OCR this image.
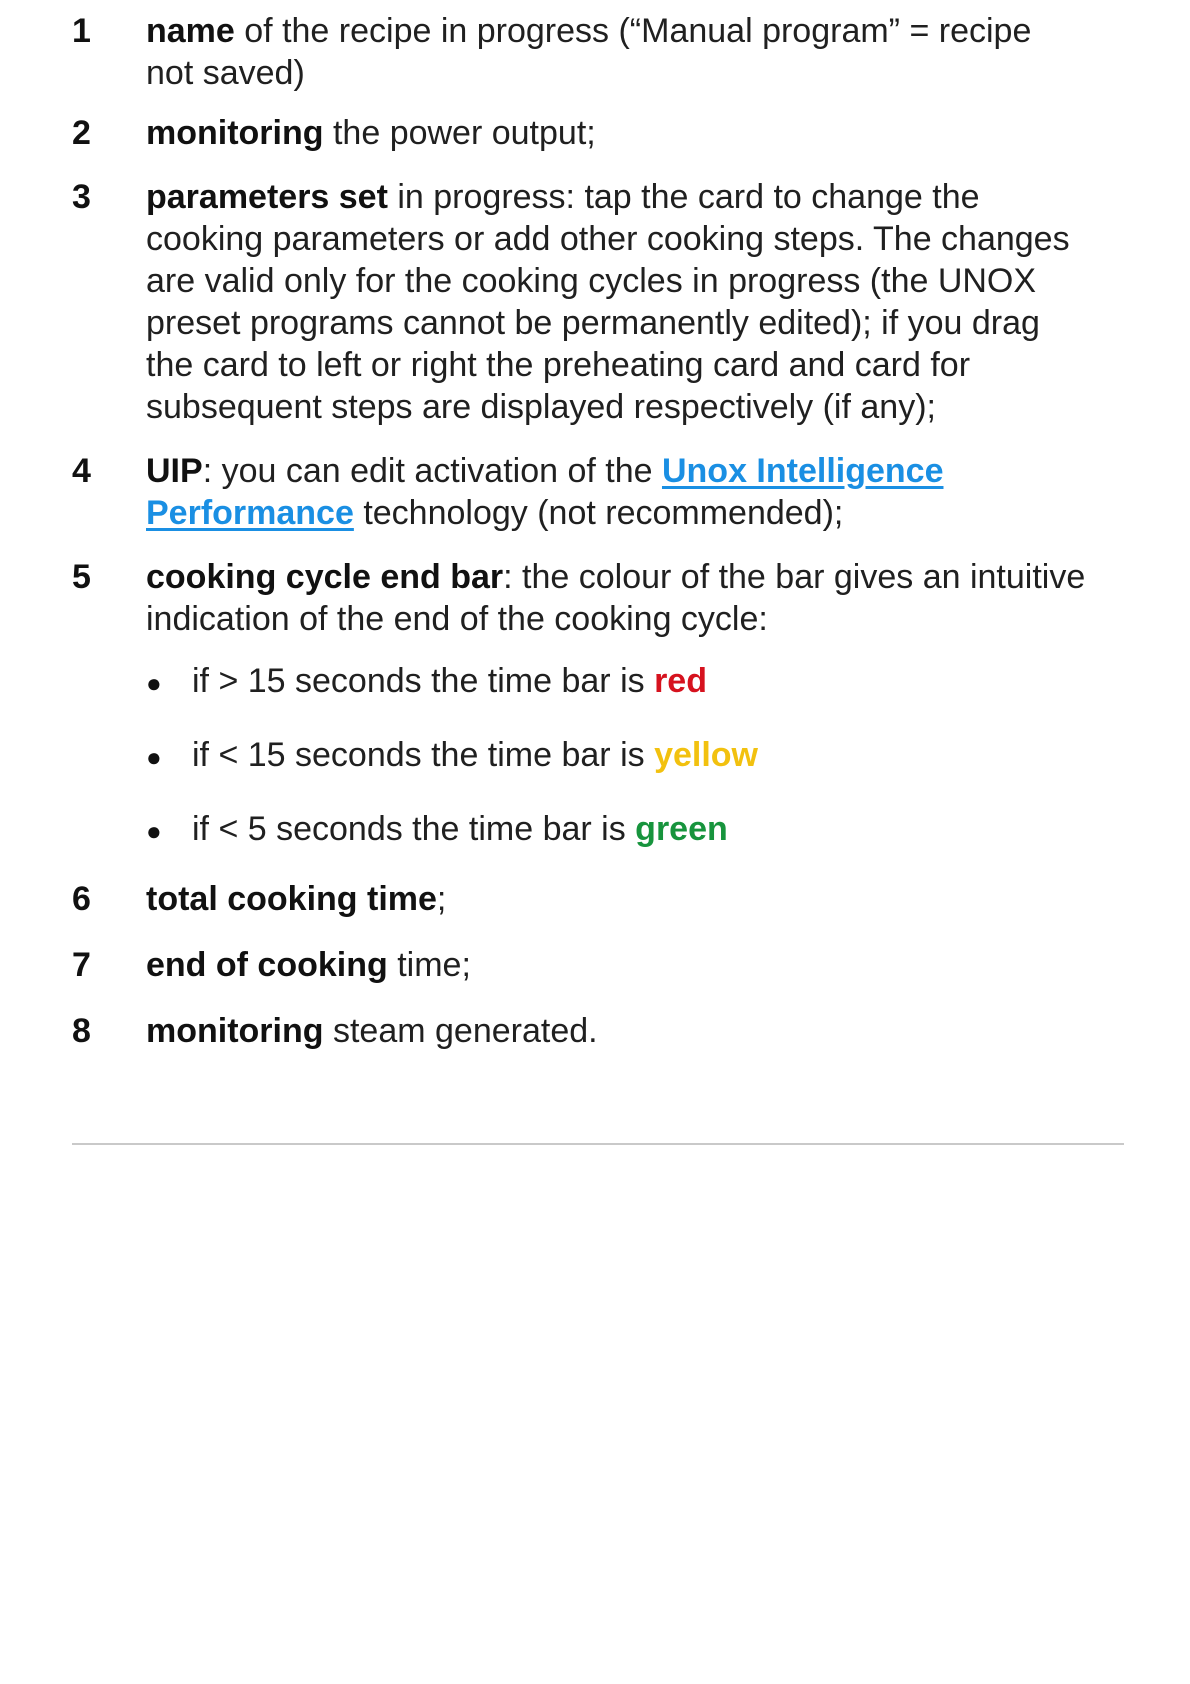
1	name of the recipe in progress (“Manual program” = recipe
not saved)
2	monitoring the power output;
3	parameters set in progress: tap the card to change the
cooking parameters or add other cooking steps. The changes
are valid only for the cooking cycles in progress (the UNOX
preset programs cannot be permanently edited); if you drag
the card to left or right the preheating card and card for
subsequent steps are displayed respectively (if any);
4	UIP: you can edit activation of the Unox Intelligence
Performance technology (not recommended);
5	cooking cycle end bar: the colour of the bar gives an intuitive
indication of the end of the cooking cycle:
● if > 15 seconds the time bar is red
● if < 15 seconds the time bar is yellow
● if < 5 seconds the time bar is green
6	total cooking time;
7	end of cooking time;
8	monitoring steam generated.
